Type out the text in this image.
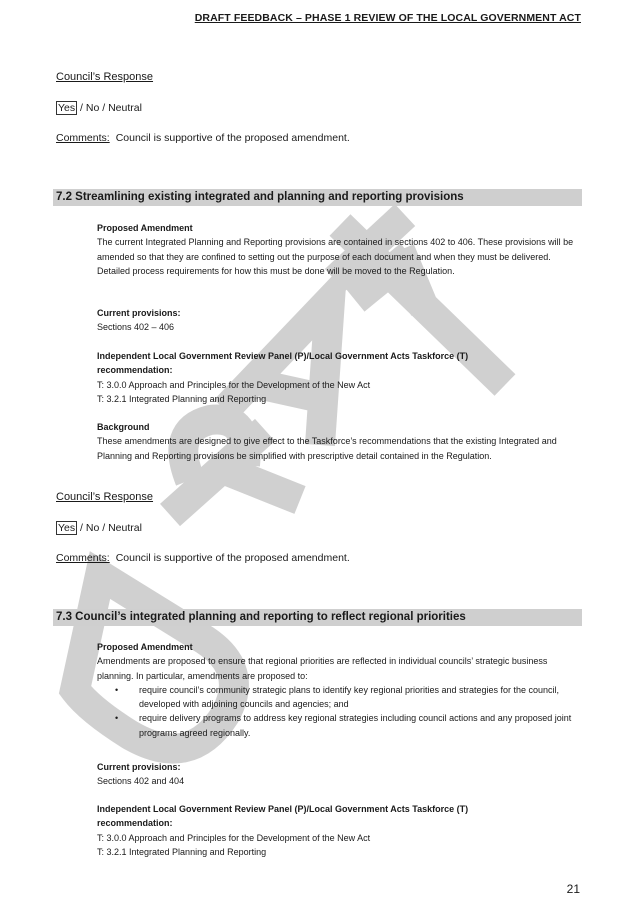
DRAFT FEEDBACK – PHASE 1 REVIEW OF THE LOCAL GOVERNMENT ACT
Council’s Response
Yes / No / Neutral
Comments: Council is supportive of the proposed amendment.
7.2 Streamlining existing integrated and planning and reporting provisions
Proposed Amendment

The current Integrated Planning and Reporting provisions are contained in sections 402 to 406. These provisions will be amended so that they are confined to setting out the purpose of each document and when they must be delivered. Detailed process requirements for how this must be done will be moved to the Regulation.

Current provisions:

Sections 402 – 406

Independent Local Government Review Panel (P)/Local Government Acts Taskforce (T)
recommendation:

T: 3.0.0 Approach and Principles for the Development of the New Act

T: 3.2.1 Integrated Planning and Reporting

Background

These amendments are designed to give effect to the Taskforce’s recommendations that the existing Integrated and Planning and Reporting provisions be simplified with prescriptive detail contained in the Regulation.

Council’s Response
Yes / No / Neutral
Comments: Council is supportive of the proposed amendment.
7.3 Council’s integrated planning and reporting to reflect regional priorities
Proposed Amendment

Amendments are proposed to ensure that regional priorities are reflected in individual councils’ strategic business planning. In particular, amendments are proposed to:

• require council’s community strategic plans to identify key regional priorities and strategies for the council, developed with adjoining councils and agencies; and
• require delivery programs to address key regional strategies including council actions and any proposed joint programs agreed regionally.
Current provisions:

Sections 402 and 404

Independent Local Government Review Panel (P)/Local Government Acts Taskforce (T)
recommendation:

T: 3.0.0 Approach and Principles for the Development of the New Act

T: 3.2.1 Integrated Planning and Reporting

21
